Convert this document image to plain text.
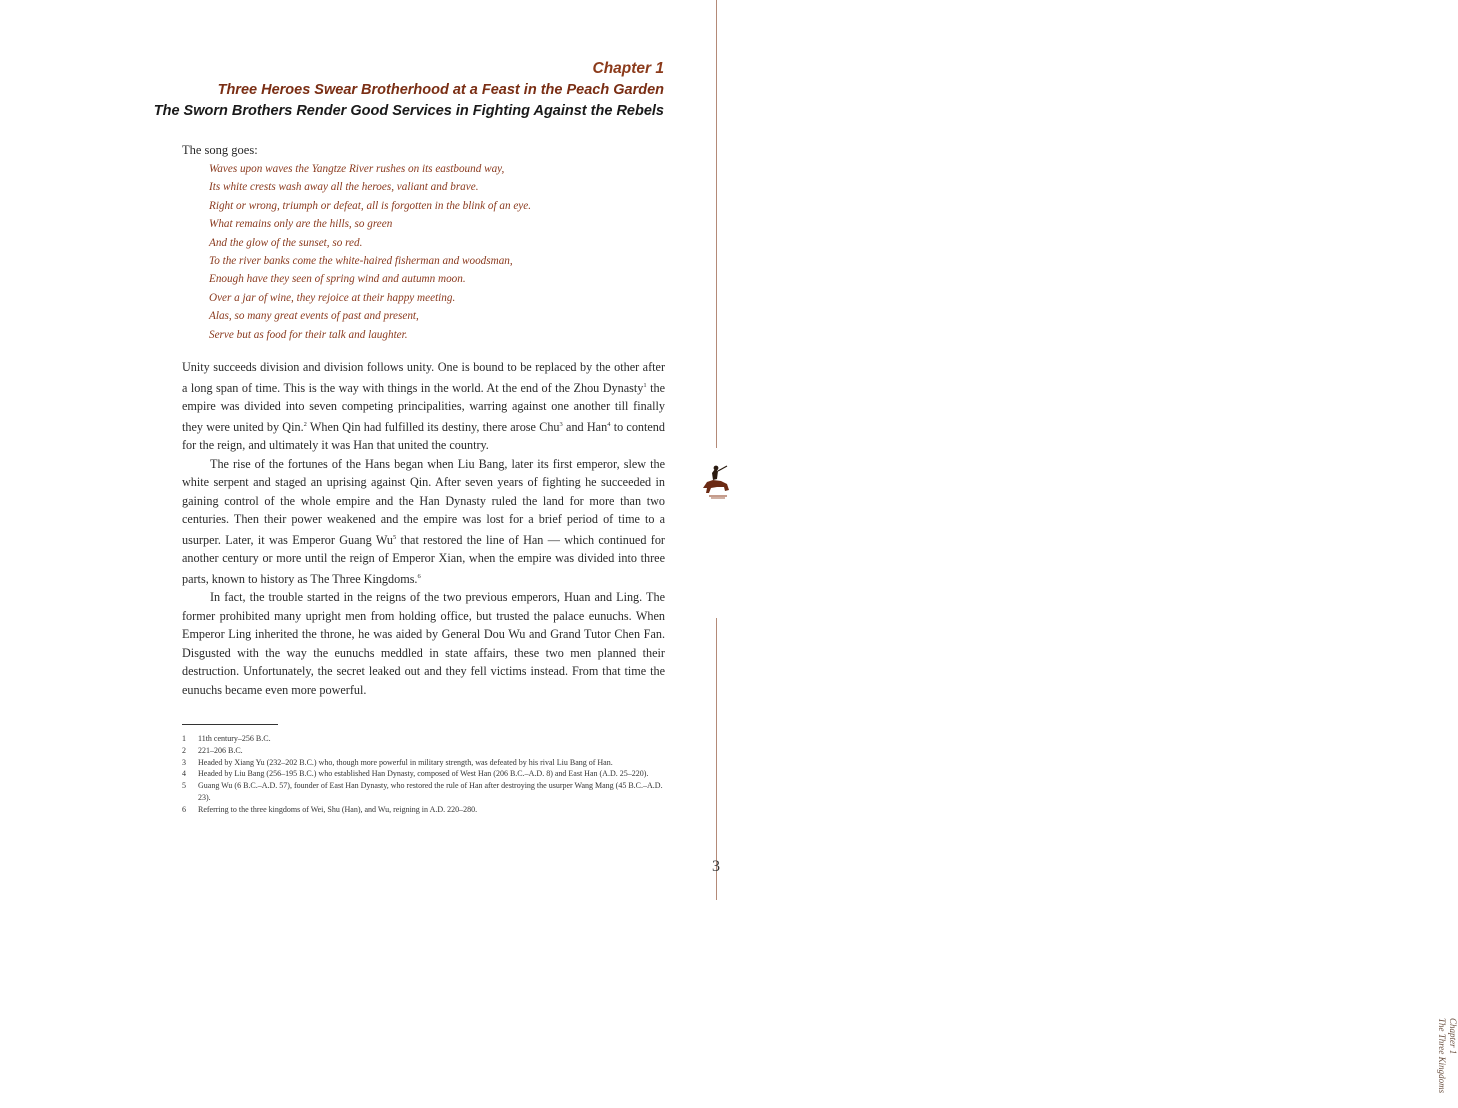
Chapter 1
Three Heroes Swear Brotherhood at a Feast in the Peach Garden
The Sworn Brothers Render Good Services in Fighting Against the Rebels
The song goes:
Waves upon waves the Yangtze River rushes on its eastbound way,
Its white crests wash away all the heroes, valiant and brave.
Right or wrong, triumph or defeat, all is forgotten in the blink of an eye.
What remains only are the hills, so green
And the glow of the sunset, so red.
To the river banks come the white-haired fisherman and woodsman,
Enough have they seen of spring wind and autumn moon.
Over a jar of wine, they rejoice at their happy meeting.
Alas, so many great events of past and present,
Serve but as food for their talk and laughter.

Unity succeeds division and division follows unity. One is bound to be replaced by the other after a long span of time. This is the way with things in the world. At the end of the Zhou Dynasty$^1$ the empire was divided into seven competing principalities, warring against one another till finally they were united by Qin.$^2$ When Qin had fulfilled its destiny, there arose Chu$^3$ and Han$^4$ to contend for the reign, and ultimately it was Han that united the country.

The rise of the fortunes of the Hans began when Liu Bang, later its first emperor, slew the white serpent and staged an uprising against Qin. After seven years of fighting he succeeded in gaining control of the whole empire and the Han Dynasty ruled the land for more than two centuries. Then their power weakened and the empire was lost for a brief period of time to a usurper. Later, it was Emperor Guang Wu$^5$ that restored the line of Han — which continued for another century or more until the reign of Emperor Xian, when the empire was divided into three parts, known to history as The Three Kingdoms.$^6$

In fact, the trouble started in the reigns of the two previous emperors, Huan and Ling. The former prohibited many upright men from holding office, but trusted the palace eunuchs. When Emperor Ling inherited the throne, he was aided by General Dou Wu and Grand Tutor Chen Fan. Disgusted with the way the eunuchs meddled in state affairs, these two men planned their destruction. Unfortunately, the secret leaked out and they fell victims instead. From that time the eunuchs became even more powerful.

1 11th century–256 B.C.
2 221–206 B.C.
3 Headed by Xiang Yu (232–202 B.C.) who, though more powerful in military strength, was defeated by his rival Liu Bang of Han.
4 Headed by Liu Bang (256–195 B.C.) who established Han Dynasty, composed of West Han (206 B.C.–A.D. 8) and East Han (A.D. 25–220).
5 Guang Wu (6 B.C.–A.D. 57), founder of East Han Dynasty, who restored the rule of Han after destroying the usurper Wang Mang (45 B.C.–A.D. 23).
6 Referring to the three kingdoms of Wei, Shu (Han), and Wu, reigning in A.D. 220–280.
Chapter 1
The Three Kingdoms
3
